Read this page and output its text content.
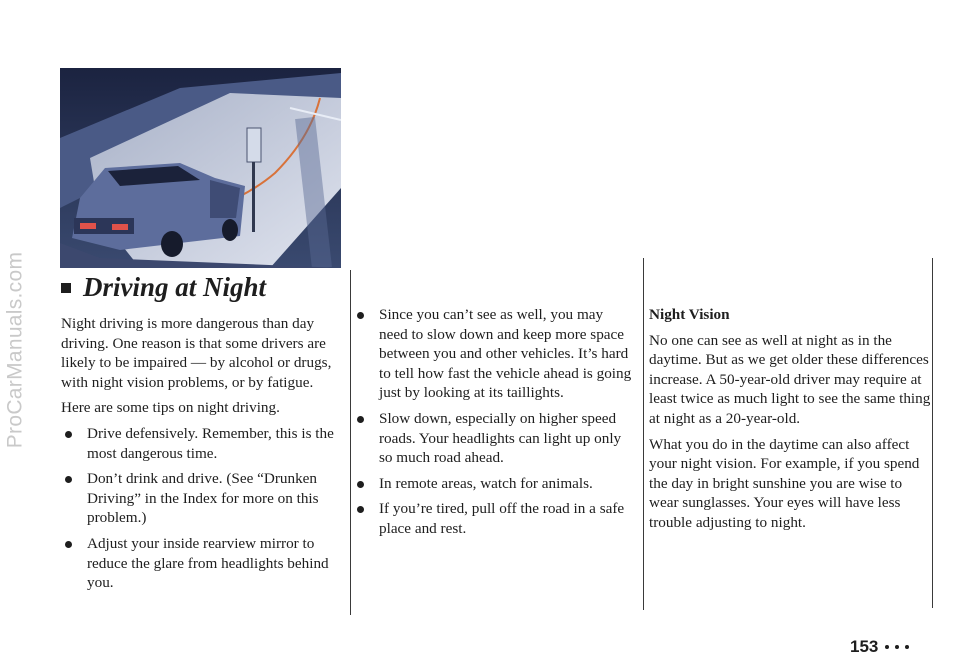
ProCarManuals.com Driving at Night

Night driving is more dangerous than day driving. One reason is that some drivers are likely to be impaired — by alcohol or drugs, with night vision problems, or by fatigue.

Here are some tips on night driving.

Drive defensively. Remember, this is the most dangerous time.
Don’t drink and drive. (See “Drunken Driving” in the Index for more on this problem.)
Adjust your inside rearview mirror to reduce the glare from headlights behind you.
Since you can’t see as well, you may need to slow down and keep more space between you and other vehicles. It’s hard to tell how fast the vehicle ahead is going just by looking at its taillights.
Slow down, especially on higher speed roads. Your headlights can light up only so much road ahead.
In remote areas, watch for animals.
If you’re tired, pull off the road in a safe place and rest.
Night Vision

No one can see as well at night as in the daytime. But as we get older these differences increase. A 50-year-old driver may require at least twice as much light to see the same thing at night as a 20-year-old.

What you do in the daytime can also affect your night vision. For example, if you spend the day in bright sunshine you are wise to wear sunglasses. Your eyes will have less trouble adjusting to night.

153
